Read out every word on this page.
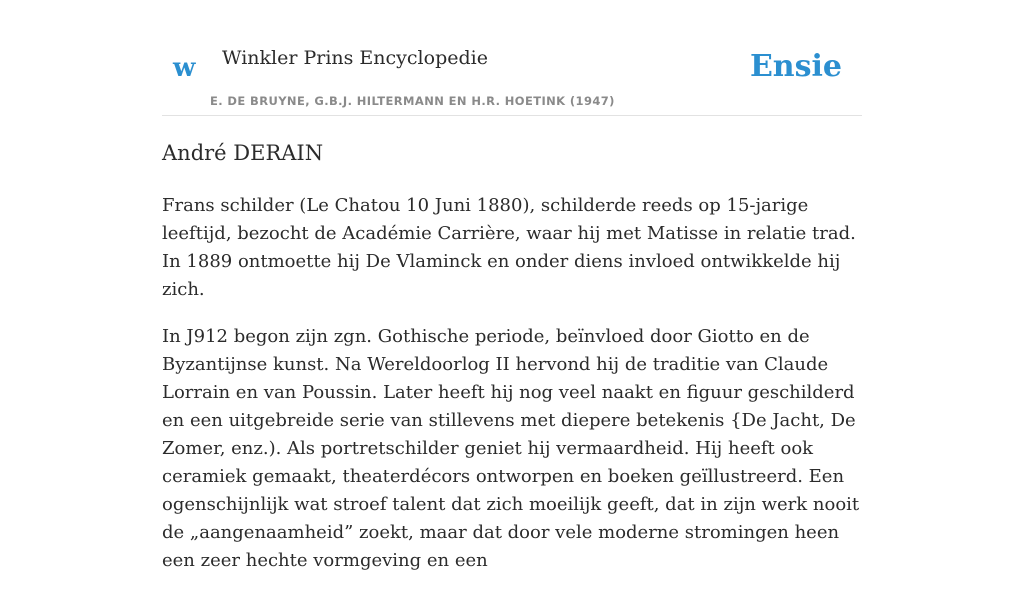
w Winkler Prins Encyclopedie
E. DE BRUYNE, G.B.J. HILTERMANN EN H.R. HOETINK (1947)
Ensie
André DERAIN

Frans schilder (Le Chatou 10 Juni 1880), schilderde reeds op 15-jarige leeftijd, bezocht de Académie Carrière, waar hij met Matisse in relatie trad. In 1889 ontmoette hij De Vlaminck en onder diens invloed ontwikkelde hij zich.

In J912 begon zijn zgn. Gothische periode, beïnvloed door Giotto en de Byzantijnse kunst. Na Wereldoorlog II hervond hij de traditie van Claude Lorrain en van Poussin. Later heeft hij nog veel naakt en figuur geschilderd en een uitgebreide serie van stillevens met diepere betekenis {De Jacht, De Zomer, enz.). Als portretschilder geniet hij vermaardheid. Hij heeft ook ceramiek gemaakt, theaterdécors ontworpen en boeken geïllustreerd. Een ogenschijnlijk wat stroef talent dat zich moeilijk geeft, dat in zijn werk nooit de „aangenaamheid” zoekt, maar dat door vele moderne stromingen heen een zeer hechte vormgeving en een
